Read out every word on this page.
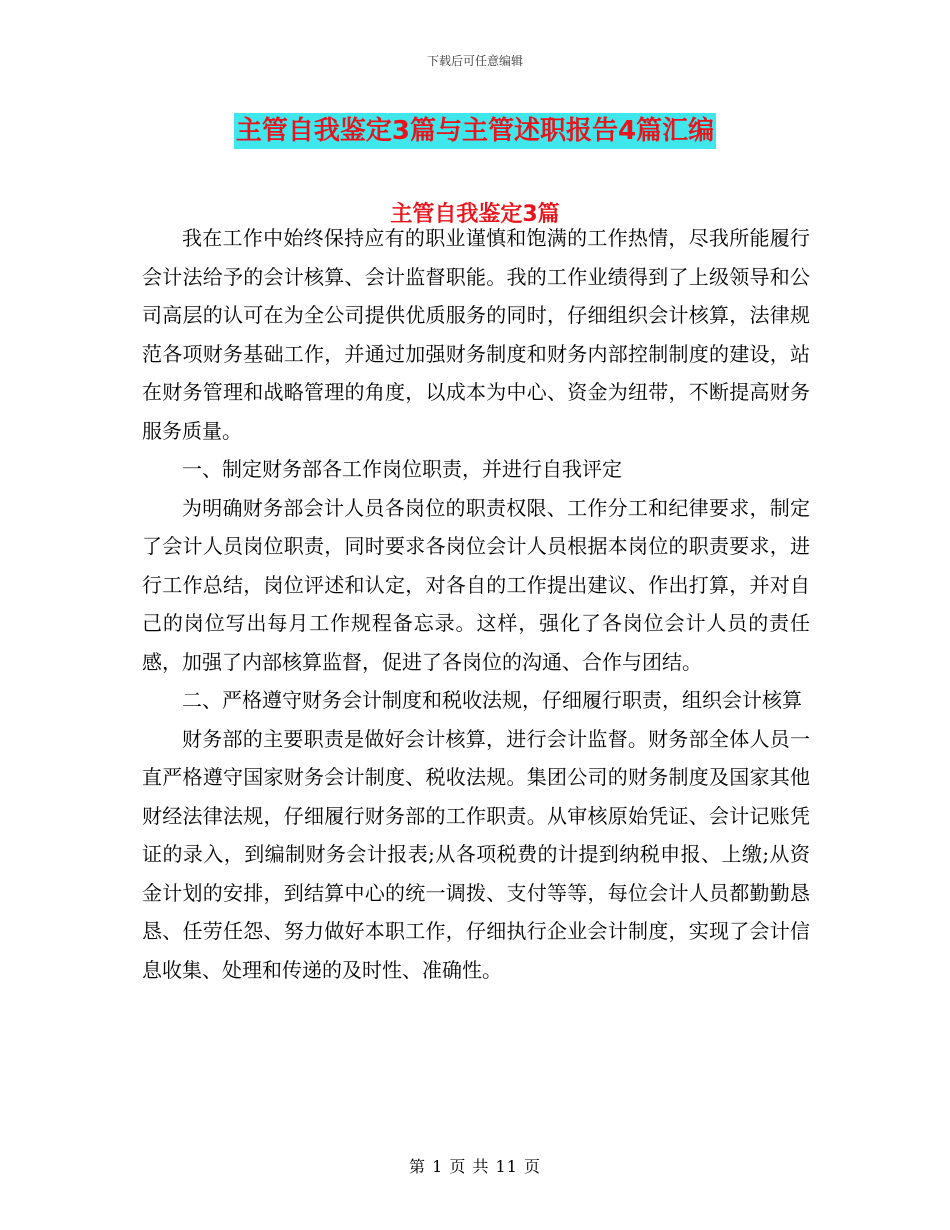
下载后可任意编辑
主管自我鉴定3篇与主管述职报告4篇汇编
主管自我鉴定3篇

我在工作中始终保持应有的职业谨慎和饱满的工作热情，尽我所能履行会计法给予的会计核算、会计监督职能。我的工作业绩得到了上级领导和公司高层的认可在为全公司提供优质服务的同时，仔细组织会计核算，法律规范各项财务基础工作，并通过加强财务制度和财务内部控制制度的建设，站在财务管理和战略管理的角度，以成本为中心、资金为纽带，不断提高财务服务质量。

一、制定财务部各工作岗位职责，并进行自我评定

为明确财务部会计人员各岗位的职责权限、工作分工和纪律要求，制定了会计人员岗位职责，同时要求各岗位会计人员根据本岗位的职责要求，进行工作总结，岗位评述和认定，对各自的工作提出建议、作出打算，并对自己的岗位写出每月工作规程备忘录。这样，强化了各岗位会计人员的责任感，加强了内部核算监督，促进了各岗位的沟通、合作与团结。

二、严格遵守财务会计制度和税收法规，仔细履行职责，组织会计核算

财务部的主要职责是做好会计核算，进行会计监督。财务部全体人员一直严格遵守国家财务会计制度、税收法规。集团公司的财务制度及国家其他财经法律法规，仔细履行财务部的工作职责。从审核原始凭证、会计记账凭证的录入，到编制财务会计报表;从各项税费的计提到纳税申报、上缴;从资金计划的安排，到结算中心的统一调拨、支付等等，每位会计人员都勤勤恳恳、任劳任怨、努力做好本职工作，仔细执行企业会计制度，实现了会计信息收集、处理和传递的及时性、准确性。

第 1 页 共 11 页
